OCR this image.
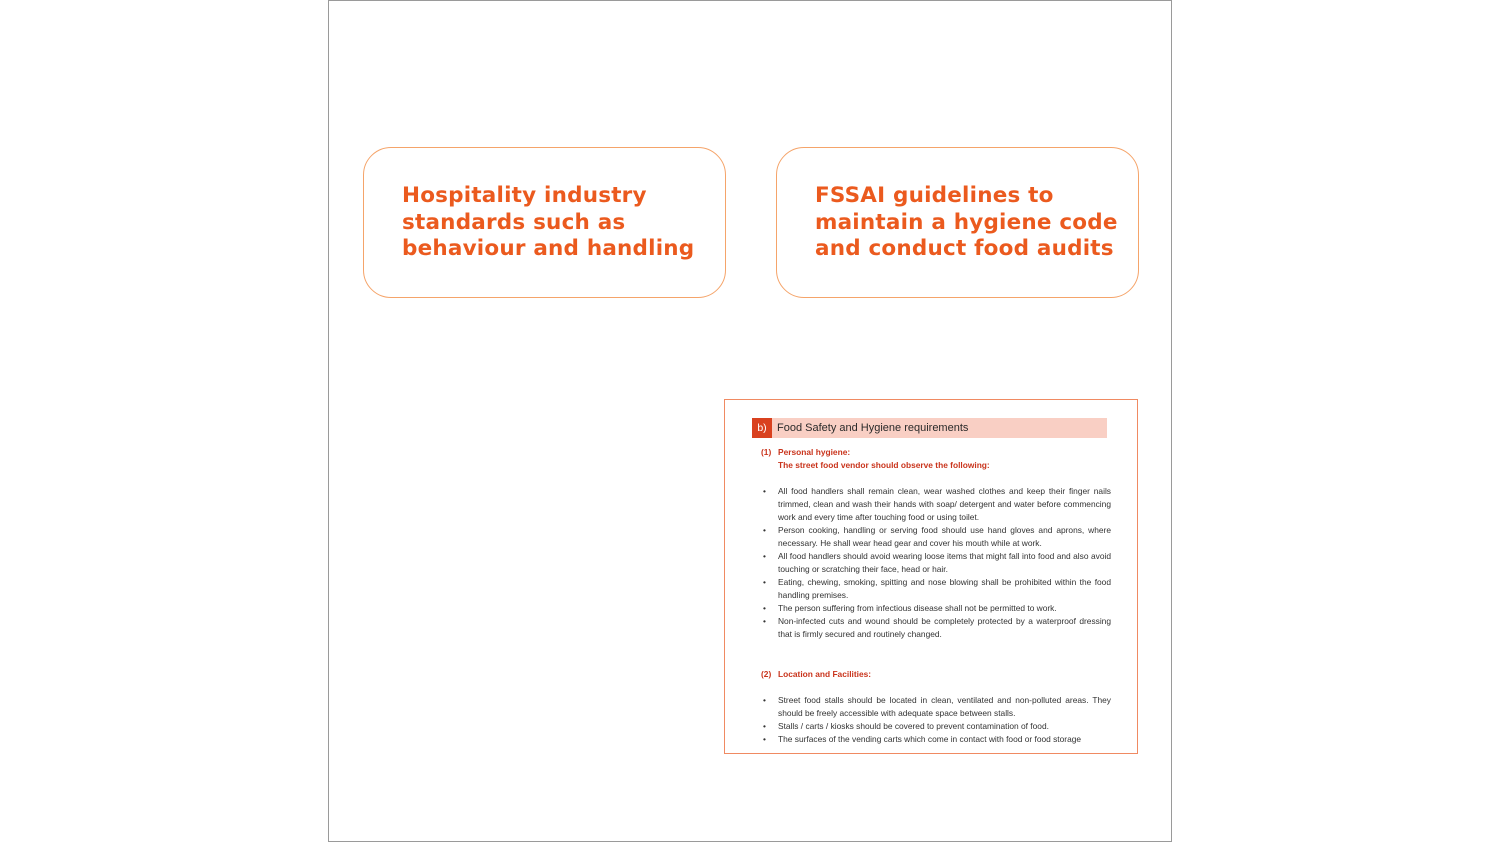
Hospitality industry standards such as behaviour and handling

FSSAI guidelines to maintain a hygiene code and conduct food audits

b) Food Safety and Hygiene requirements
(1) Personal hygiene:

The street food vendor should observe the following:

• All food handlers shall remain clean, wear washed clothes and keep their finger nails trimmed, clean and wash their hands with soap/ detergent and water before commencing work and every time after touching food or using toilet.
• Person cooking, handling or serving food should use hand gloves and aprons, where necessary. He shall wear head gear and cover his mouth while at work.
• All food handlers should avoid wearing loose items that might fall into food and also avoid touching or scratching their face, head or hair.
• Eating, chewing, smoking, spitting and nose blowing shall be prohibited within the food handling premises.
• The person suffering from infectious disease shall not be permitted to work.
• Non-infected cuts and wound should be completely protected by a waterproof dressing that is firmly secured and routinely changed.
(2) Location and Facilities:

• Street food stalls should be located in clean, ventilated and non-polluted areas. They should be freely accessible with adequate space between stalls.
• Stalls / carts / kiosks should be covered to prevent contamination of food.
• The surfaces of the vending carts which come in contact with food or food storage
